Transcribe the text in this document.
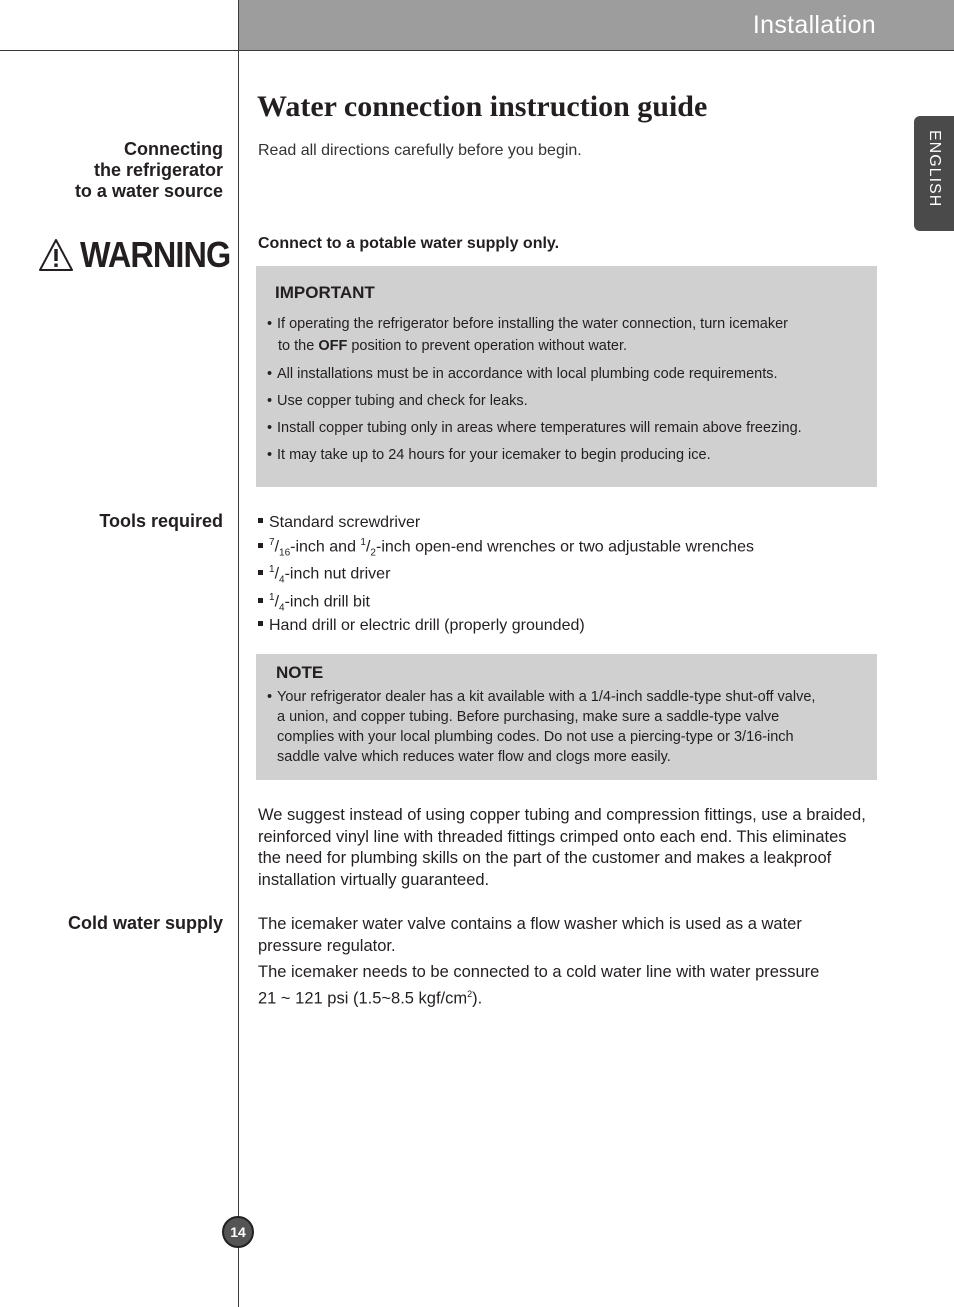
Installation
ENGLISH
Connecting
the refrigerator
to a water source
WARNING
Tools required
Cold water supply
Water connection instruction guide
Read all directions carefully before you begin.
Connect to a potable water supply only.
IMPORTANT
• If operating the refrigerator before installing the water connection, turn icemaker
to the OFF position to prevent operation without water.
• All installations must be in accordance with local plumbing code requirements.
• Use copper tubing and check for leaks.
• Install copper tubing only in areas where temperatures will remain above freezing.
• It may take up to 24 hours for your icemaker to begin producing ice.
Standard screwdriver
$^7/_{16}$-inch and $^1/_2$-inch open-end wrenches or two adjustable wrenches
$^1/_4$-inch nut driver
$^1/_4$-inch drill bit
Hand drill or electric drill (properly grounded)
NOTE
• Your refrigerator dealer has a kit available with a 1/4-inch saddle-type shut-off valve,
a union, and copper tubing. Before purchasing, make sure a saddle-type valve
complies with your local plumbing codes. Do not use a piercing-type or 3/16-inch
saddle valve which reduces water flow and clogs more easily.
We suggest instead of using copper tubing and compression fittings, use a braided,
reinforced vinyl line with threaded fittings crimped onto each end. This eliminates
the need for plumbing skills on the part of the customer and makes a leakproof
installation virtually guaranteed.
The icemaker water valve contains a flow washer which is used as a water
pressure regulator.
The icemaker needs to be connected to a cold water line with water pressure
21 ~ 121 psi (1.5~8.5 kgf/$cm^2$).
14
